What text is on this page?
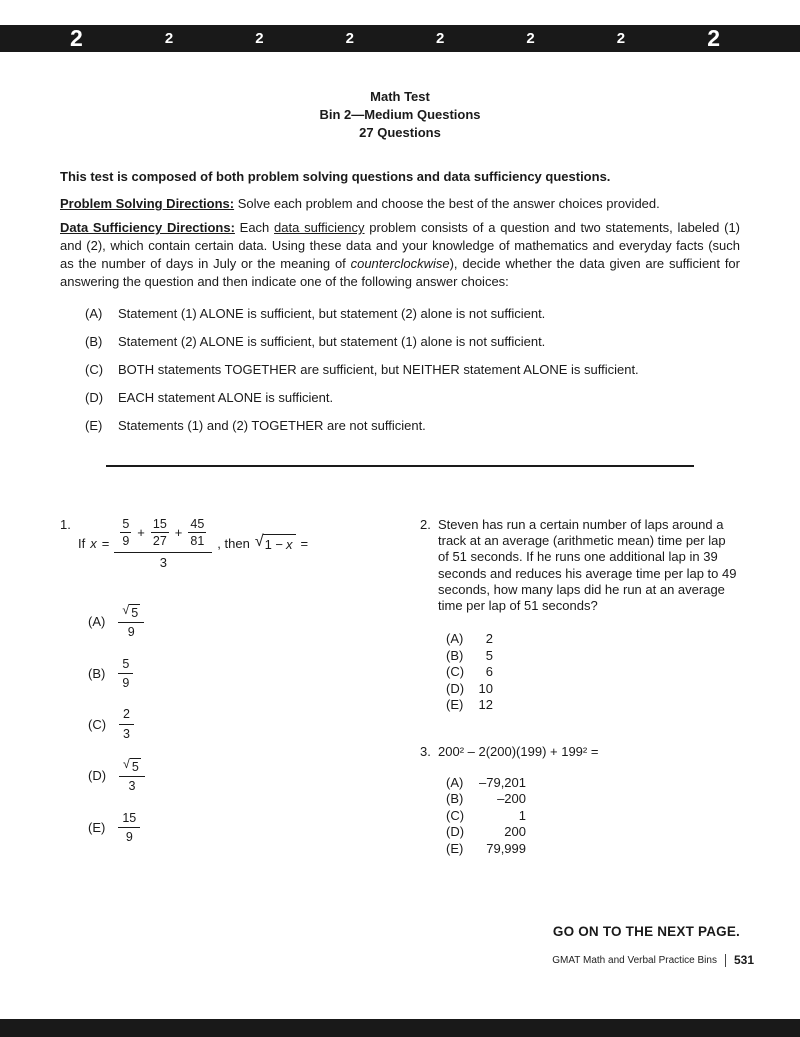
2	2	2	2	2	2	2	2
Math Test
Bin 2—Medium Questions
27 Questions

This test is composed of both problem solving questions and data sufficiency questions.

Problem Solving Directions: Solve each problem and choose the best of the answer choices provided.

Data Sufficiency Directions: Each data sufficiency problem consists of a question and two statements, labeled (1) and (2), which contain certain data. Using these data and your knowledge of mathematics and everyday facts (such as the number of days in July or the meaning of counterclockwise), decide whether the data given are sufficient for answering the question and then indicate one of the following answer choices:

(A)	Statement (1) ALONE is sufficient, but statement (2) alone is not sufficient.
(B)	Statement (2) ALONE is sufficient, but statement (1) alone is not sufficient.
(C)	BOTH statements TOGETHER are sufficient, but NEITHER statement ALONE is sufficient.
(D)	EACH statement ALONE is sufficient.
(E)	Statements (1) and (2) TOGETHER are not sufficient.
1.
If $x = \frac{5}{9} + \frac{15}{27} + \frac{45}{81}$
3
, then √ 1 − x =
$(A) \frac{√ 5}{9}$
$(B) \frac{5}{9}$
$(C) \frac{2}{3}$
$(D) \frac{√ 5}{3}$
$(E) \frac{15}{9}$
2. Steven has run a certain number of laps around a track at an average (arithmetic mean) time per lap of 51 seconds. If he runs one additional lap in 39 seconds and reduces his average time per lap to 49 seconds, how many laps did he run at an average time per lap of 51 seconds?
(A)	2
(B)	5
(C)	6
(D)	10
(E)	12
3. 200² – 2(200)(199) + 199² =
(A)	–79,201
(B)	–200
(C)	1
(D)	200
(E)	79,999
GO ON TO THE NEXT PAGE.
GMAT Math and Verbal Practice Bins 531
